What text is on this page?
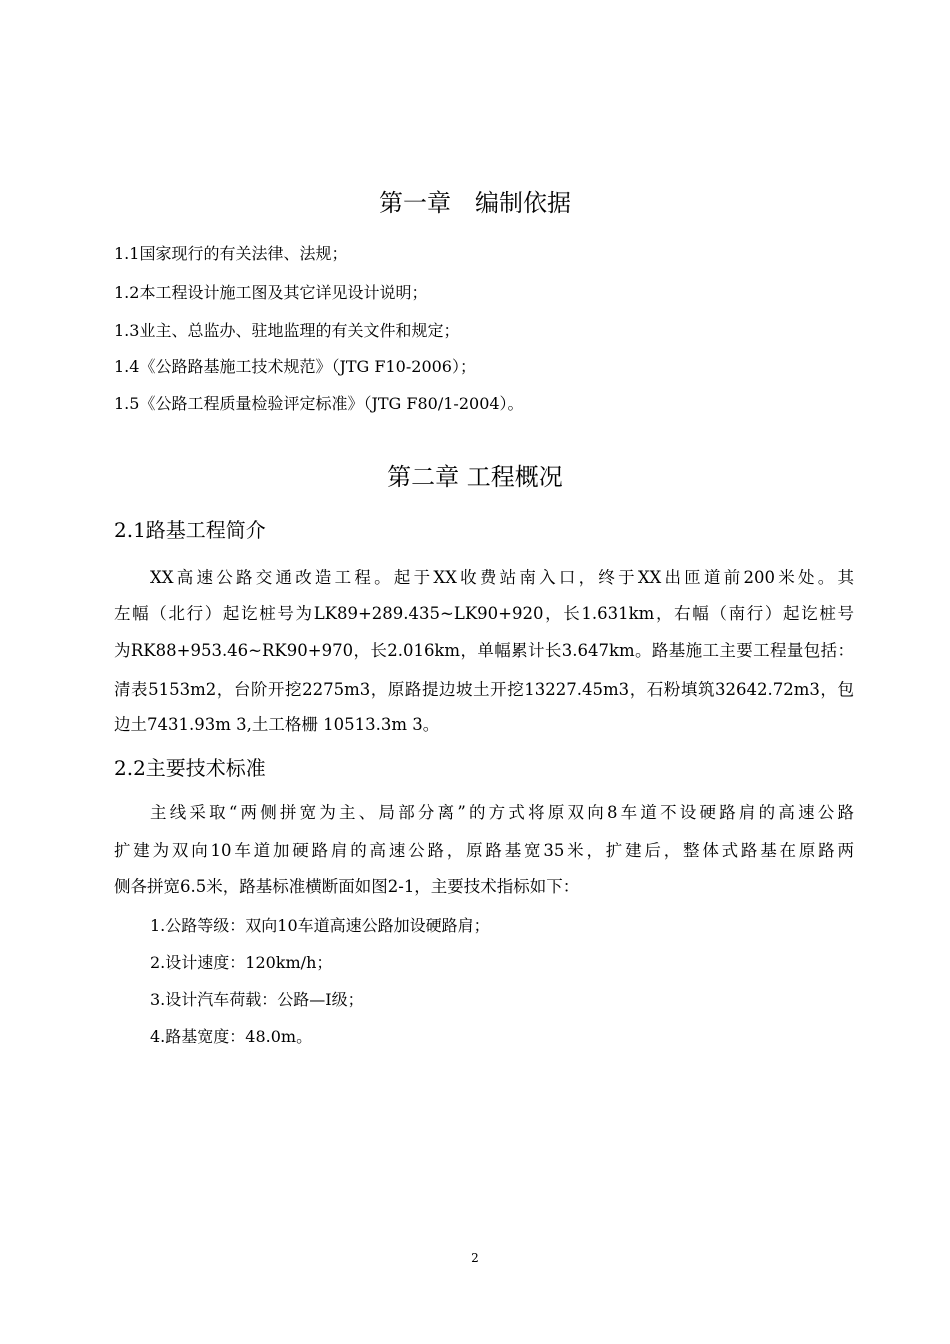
第一章　编制依据
1.1国家现行的有关法律、法规；
1.2本工程设计施工图及其它详见设计说明；
1.3业主、总监办、驻地监理的有关文件和规定；
1.4《公路路基施工技术规范》（JTG F10-2006）；
1.5《公路工程质量检验评定标准》（JTG F80/1-2004）。
第二章 工程概况
2.1路基工程简介
XX高速公路交通改造工程。起于XX收费站南入口，终于XX出匝道前200米处。其
左幅（北行）起讫桩号为LK89+289.435~LK90+920，长1.631km，右幅（南行）起讫桩号
为RK88+953.46~RK90+970，长2.016km，单幅累计长3.647km。路基施工主要工程量包括：
清表5153m2，台阶开挖2275m3，原路提边坡土开挖13227.45m3，石粉填筑32642.72m3，包
边土7431.93m 3,土工格栅 10513.3m 3。
2.2主要技术标准
主线采取“两侧拼宽为主、局部分离”的方式将原双向8车道不设硬路肩的高速公路
扩建为双向10车道加硬路肩的高速公路，原路基宽35米，扩建后，整体式路基在原路两
侧各拼宽6.5米，路基标准横断面如图2-1，主要技术指标如下：
1.公路等级：双向10车道高速公路加设硬路肩；
2.设计速度：120km/h；
3.设计汽车荷载：公路—Ⅰ级；
4.路基宽度：48.0m。
2
